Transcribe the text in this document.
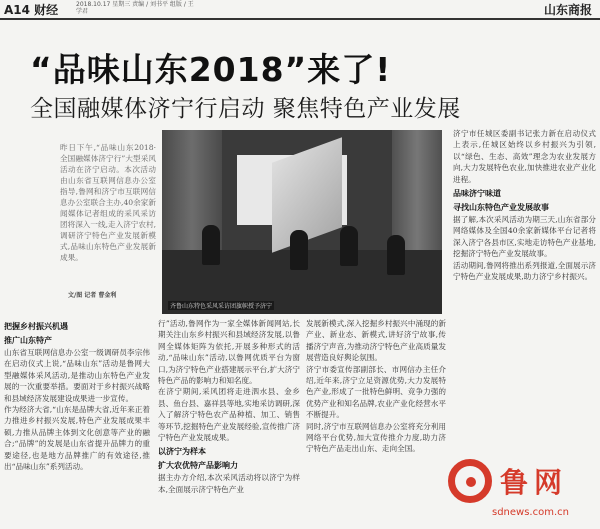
A14 财经	2018.10.17 星期三 责编 / 刘书平 组版 / 王学君	山东商报
“品味山东2018”来了!
全国融媒体济宁行启动 聚焦特色产业发展
昨日下午,“品味山东2018·全国融媒体济宁行”大型采风活动在济宁启动。本次活动由山东省互联网信息办公室指导,鲁网和济宁市互联网信息办公室联合主办,40余家新闻媒体记者组成的采风采访团将深入一线,走入济宁农村,调研济宁特色产业发展新模式,品味山东特色产业发展新成果。
文/图 记者 曹金利
齐鲁山东特色采风采访团旗帜授予济宁
把握乡村振兴机遇
推广山东特产
山东省互联网信息办公室一级调研员李宗伟在启动仪式上说,“品味山东”活动是鲁网大型融媒体采风活动,是推动山东特色产业发展的一次重要举措。要面对于乡村振兴战略和县域经济发展建设成果进一步宣传。
作为经济大省,“山东是品牌大省,近年来正着力推进乡村振兴发展,特色产业发展成果丰硕,力推从品牌主体到文化创意等产业的融合;“品牌”的发展是山东省提升品牌力的重要途径,也是地方品牌推广的有效途径,推出“品味山东”系列活动。
行”活动,鲁网作为一家全媒体新闻网站,长期关注山东乡村振兴和县域经济发展,以鲁网全媒体矩阵为依托,开展多种形式的活动,“品味山东”活动,以鲁网优质平台为窗口,为济宁特色产业搭建展示平台,扩大济宁特色产品的影响力和知名度。
在济宁期间,采风团将走进泗水县、金乡县、鱼台县、嘉祥县等地,实地采访调研,深入了解济宁特色农产品种植、加工、销售等环节,挖掘特色产业发展经验,宣传推广济宁特色产业发展成果。
以济宁为样本
扩大农优特产品影响力
据主办方介绍,本次采风活动将以济宁为样本,全面展示济宁特色产业
发展新模式,深入挖掘乡村振兴中涌现的新产业、新业态、新模式,讲好济宁故事,传播济宁声音,为推动济宁特色产业高质量发展营造良好舆论氛围。
济宁市委宣传部副部长、市网信办主任介绍,近年来,济宁立足资源优势,大力发展特色产业,形成了一批特色鲜明、竞争力强的优势产业和知名品牌,农业产业化经营水平不断提升。
同时,济宁市互联网信息办公室将充分利用网络平台优势,加大宣传推介力度,助力济宁特色产品走出山东、走向全国。
济宁市任城区委副书记张力新在启动仪式上表示,任城区始终以乡村振兴为引领,以“绿色、生态、高效”理念为农业发展方向,大力发展特色农业,加快推进农业产业化进程。
品味济宁味道
寻找山东特色产业发展故事
据了解,本次采风活动为期三天,山东省部分网络媒体及全国40余家新媒体平台记者将深入济宁各县市区,实地走访特色产业基地,挖掘济宁特色产业发展故事。
活动期间,鲁网将推出系列报道,全面展示济宁特色产业发展成果,助力济宁乡村振兴。
鲁网
sdnews.com.cn
